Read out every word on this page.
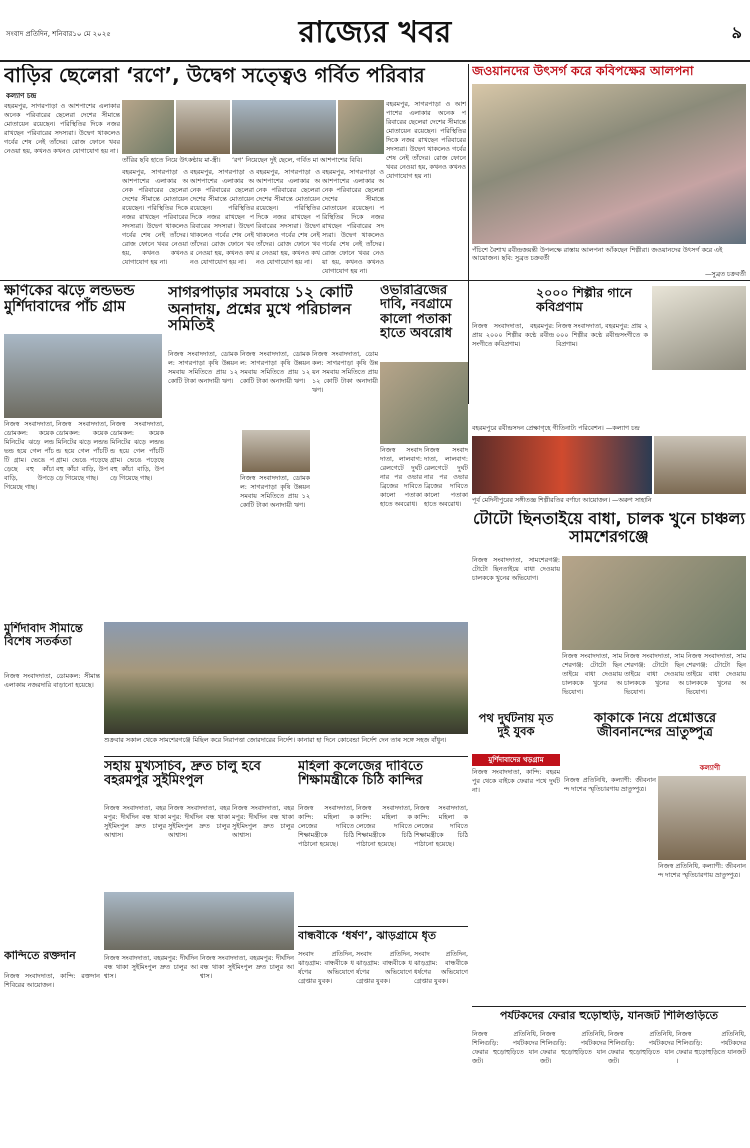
সংবাদ প্রতিদিন, শনিবার১০ মে ২০২৫	রাজ্যের খবর	৯
বাড়ির ছেলেরা ‘রণে’, উদ্বেগ সত্ত্বেও গর্বিত পরিবার
কল্যাণ চন্দ্র
বহরমপুর, সাগরপাড়া ও আশপাশের এলাকার অনেক পরিবারের ছেলেরা দেশের সীমান্তে মোতায়েন রয়েছেন। পরিস্থিতির দিকে নজর রাখছেন পরিবারের সদস্যরা। উদ্বেগ থাকলেও গর্বের শেষ নেই তাঁদের। রোজ ফোনে খবর নেওয়া হয়, কখনও কখনও যোগাযোগ হয় না।
তাঁরির ছবি হাতে নিয়ে উৎকণ্ঠায় মা-স্ত্রী।	‘রণ’ নিয়েছেন দুই ছেলে, গর্বিত মা আশপাশের বিবি।
বহরমপুর, সাগরপাড়া ও আশপাশের এলাকার অনেক পরিবারের ছেলেরা দেশের সীমান্তে মোতায়েন রয়েছেন। পরিস্থিতির দিকে নজর রাখছেন পরিবারের সদস্যরা। উদ্বেগ থাকলেও গর্বের শেষ নেই তাঁদের। রোজ ফোনে খবর নেওয়া হয়, কখনও কখনও যোগাযোগ হয় না।
বহরমপুর, সাগরপাড়া ও আশপাশের এলাকার অনেক পরিবারের ছেলেরা দেশের সীমান্তে মোতায়েন রয়েছেন। পরিস্থিতির দিকে নজর রাখছেন পরিবারের সদস্যরা। উদ্বেগ থাকলেও গর্বের শেষ নেই তাঁদের। রোজ ফোনে খবর নেওয়া হয়, কখনও কখনও যোগাযোগ হয় না।
বহরমপুর, সাগরপাড়া ও আশপাশের এলাকার অনেক পরিবারের ছেলেরা দেশের সীমান্তে মোতায়েন রয়েছেন। পরিস্থিতির দিকে নজর রাখছেন পরিবারের সদস্যরা। উদ্বেগ থাকলেও গর্বের শেষ নেই তাঁদের। রোজ ফোনে খবর নেওয়া হয়, কখনও কখনও যোগাযোগ হয় না।
বহরমপুর, সাগরপাড়া ও আশপাশের এলাকার অনেক পরিবারের ছেলেরা দেশের সীমান্তে মোতায়েন রয়েছেন। পরিস্থিতির দিকে নজর রাখছেন পরিবারের সদস্যরা। উদ্বেগ থাকলেও গর্বের শেষ নেই তাঁদের। রোজ ফোনে খবর নেওয়া হয়, কখনও কখনও যোগাযোগ হয় না।
বহরমপুর, সাগরপাড়া ও আশপাশের এলাকার অনেক পরিবারের ছেলেরা দেশের সীমান্তে মোতায়েন রয়েছেন। পরিস্থিতির দিকে নজর রাখছেন পরিবারের সদস্যরা। উদ্বেগ থাকলেও গর্বের শেষ নেই তাঁদের। রোজ ফোনে খবর নেওয়া হয়, কখনও কখনও যোগাযোগ হয় না।
জওয়ানদের উৎসর্গ করে কবিপক্ষের আলপনা
পঁচিশে বৈশাখ রবীন্দ্রজয়ন্তী উপলক্ষে রাস্তায় আলপনা আঁকছেন শিল্পীরা। জওয়ানদের উৎসর্গ করে এই আয়োজন। ছবি: সুব্রত চক্রবর্তী
—সুব্রত চক্রবর্তী
ক্ষণিকের ঝড়ে লন্ডভন্ড মুর্শিদাবাদের পাঁচ গ্রাম
নিজস্ব সংবাদদাতা, ডোমকল: কয়েক মিনিটের ঝড়ে লন্ডভন্ড হয়ে গেল পাঁচটি গ্রাম। ভেঙে পড়েছে বহু কাঁচা বাড়ি, উপড়ে গিয়েছে গাছ।
নিজস্ব সংবাদদাতা, ডোমকল: কয়েক মিনিটের ঝড়ে লন্ডভন্ড হয়ে গেল পাঁচটি গ্রাম। ভেঙে পড়েছে বহু কাঁচা বাড়ি, উপড়ে গিয়েছে গাছ।
নিজস্ব সংবাদদাতা, ডোমকল: কয়েক মিনিটের ঝড়ে লন্ডভন্ড হয়ে গেল পাঁচটি গ্রাম। ভেঙে পড়েছে বহু কাঁচা বাড়ি, উপড়ে গিয়েছে গাছ।
সাগরপাড়ার সমবায়ে ১২ কোটি অনাদায়, প্রশ্নের মুখে পরিচালন সমিতিই
নিজস্ব সংবাদদাতা, ডোমকল: সাগরপাড়া কৃষি উন্নয়ন সমবায় সমিতিতে প্রায় ১২ কোটি টাকা অনাদায়ী ঋণ।
নিজস্ব সংবাদদাতা, ডোমকল: সাগরপাড়া কৃষি উন্নয়ন সমবায় সমিতিতে প্রায় ১২ কোটি টাকা অনাদায়ী ঋণ।
নিজস্ব সংবাদদাতা, ডোমকল: সাগরপাড়া কৃষি উন্নয়ন সমবায় সমিতিতে প্রায় ১২ কোটি টাকা অনাদায়ী ঋণ।
নিজস্ব সংবাদদাতা, ডোমকল: সাগরপাড়া কৃষি উন্নয়ন সমবায় সমিতিতে প্রায় ১২ কোটি টাকা অনাদায়ী ঋণ।
ওভারব্রিজের দাবি, নবগ্রামে কালো পতাকা হাতে অবরোধ
নিজস্ব সংবাদদাতা, লালবাগ: রেলগেটে দুর্ঘটনার পর ওভারব্রিজের দাবিতে কালো পতাকা হাতে অবরোধ।
নিজস্ব সংবাদদাতা, লালবাগ: রেলগেটে দুর্ঘটনার পর ওভারব্রিজের দাবিতে কালো পতাকা হাতে অবরোধ।
২০০০ শিল্পীর গানে কবিপ্রণাম
নিজস্ব সংবাদদাতা, বহরমপুর: প্রায় ২০০০ শিল্পীর কণ্ঠে রবীন্দ্রসংগীতে কবিপ্রণাম।
নিজস্ব সংবাদদাতা, বহরমপুর: প্রায় ২০০০ শিল্পীর কণ্ঠে রবীন্দ্রসংগীতে কবিপ্রণাম।
বহরমপুরে রবীন্দ্রসদন প্রেক্ষাগৃহে গীতিনাট্য পরিবেশন। —কল্যাণ চন্দ্র
পূর্ব মেদিনীপুরের সঙ্গীতজ্ঞ শিল্পীরতির বর্ণাঢ্য আয়োজন। —অরুণ সাহানি
টোটো ছিনতাইয়ে বাধা, চালক খুনে চাঞ্চল্য সামশেরগঞ্জে
নিজস্ব সংবাদদাতা, সামশেরগঞ্জ: টোটো ছিনতাইয়ে বাধা দেওয়ায় চালককে খুনের অভিযোগ।
নিজস্ব সংবাদদাতা, সামশেরগঞ্জ: টোটো ছিনতাইয়ে বাধা দেওয়ায় চালককে খুনের অভিযোগ।
নিজস্ব সংবাদদাতা, সামশেরগঞ্জ: টোটো ছিনতাইয়ে বাধা দেওয়ায় চালককে খুনের অভিযোগ।
নিজস্ব সংবাদদাতা, সামশেরগঞ্জ: টোটো ছিনতাইয়ে বাধা দেওয়ায় চালককে খুনের অভিযোগ।
মুর্শিদাবাদ সীমান্তে বিশেষ সতর্কতা
নিজস্ব সংবাদদাতা, ডোমকল: সীমান্ত এলাকায় নজরদারি বাড়ানো হয়েছে।
শুক্রবার সকাল থেকে সামশেরগঞ্জে মিছিল করে নিরাপত্তা জোরদারের নির্দেশ। কানারা হা দিনে কোবেন্ডা নির্দেশ দেন তাৰ সঙ্গে সহজ বাঁধুন।
সহায় মুখ্যসচিব, দ্রুত চালু হবে বহরমপুর সুইমিংপুল
নিজস্ব সংবাদদাতা, বহরমপুর: দীর্ঘদিন বন্ধ থাকা সুইমিংপুল দ্রুত চালুর আশ্বাস।
নিজস্ব সংবাদদাতা, বহরমপুর: দীর্ঘদিন বন্ধ থাকা সুইমিংপুল দ্রুত চালুর আশ্বাস।
নিজস্ব সংবাদদাতা, বহরমপুর: দীর্ঘদিন বন্ধ থাকা সুইমিংপুল দ্রুত চালুর আশ্বাস।
নিজস্ব সংবাদদাতা, বহরমপুর: দীর্ঘদিন বন্ধ থাকা সুইমিংপুল দ্রুত চালুর আশ্বাস।
নিজস্ব সংবাদদাতা, বহরমপুর: দীর্ঘদিন বন্ধ থাকা সুইমিংপুল দ্রুত চালুর আশ্বাস।
মহিলা কলেজের দাবিতে শিক্ষামন্ত্রীকে চিঠি কান্দির
নিজস্ব সংবাদদাতা, কান্দি: মহিলা কলেজের দাবিতে শিক্ষামন্ত্রীকে চিঠি পাঠানো হয়েছে।
নিজস্ব সংবাদদাতা, কান্দি: মহিলা কলেজের দাবিতে শিক্ষামন্ত্রীকে চিঠি পাঠানো হয়েছে।
নিজস্ব সংবাদদাতা, কান্দি: মহিলা কলেজের দাবিতে শিক্ষামন্ত্রীকে চিঠি পাঠানো হয়েছে।
পথ দুর্ঘটনায় মৃত দুই যুবক
মুর্শিদাবাদের খড়গ্রাম
নিজস্ব সংবাদদাতা, কান্দি: বহরমপুর থেকে বাইকে ফেরার পথে দুর্ঘটনা।
কাকাকে নিয়ে প্রশ্নোত্তরে জীবনানন্দের ভ্রাতুষ্পুত্র
কল্যাণী
নিজস্ব প্রতিনিধি, কল্যাণী: জীবনানন্দ দাশের স্মৃতিচারণায় ভ্রাতুষ্পুত্র।
নিজস্ব প্রতিনিধি, কল্যাণী: জীবনানন্দ দাশের স্মৃতিচারণায় ভ্রাতুষ্পুত্র।
কান্দিতে রক্তদান
নিজস্ব সংবাদদাতা, কান্দি: রক্তদান শিবিরের আয়োজন।
বান্ধবীকে ‘ধর্ষণ’, ঝাড়গ্রামে ধৃত
সংবাদ প্রতিদিন, ঝাড়গ্রাম: বান্ধবীকে ধর্ষণের অভিযোগে গ্রেপ্তার যুবক।
সংবাদ প্রতিদিন, ঝাড়গ্রাম: বান্ধবীকে ধর্ষণের অভিযোগে গ্রেপ্তার যুবক।
সংবাদ প্রতিদিন, ঝাড়গ্রাম: বান্ধবীকে ধর্ষণের অভিযোগে গ্রেপ্তার যুবক।
পর্যটকদের ফেরার হুড়োহুড়ি, যানজট শিলিগুড়িতে
নিজস্ব প্রতিনিধি, শিলিগুড়ি: পর্যটকদের ফেরার হুড়োহুড়িতে যানজট।
নিজস্ব প্রতিনিধি, শিলিগুড়ি: পর্যটকদের ফেরার হুড়োহুড়িতে যানজট।
নিজস্ব প্রতিনিধি, শিলিগুড়ি: পর্যটকদের ফেরার হুড়োহুড়িতে যানজট।
নিজস্ব প্রতিনিধি, শিলিগুড়ি: পর্যটকদের ফেরার হুড়োহুড়িতে যানজট।
